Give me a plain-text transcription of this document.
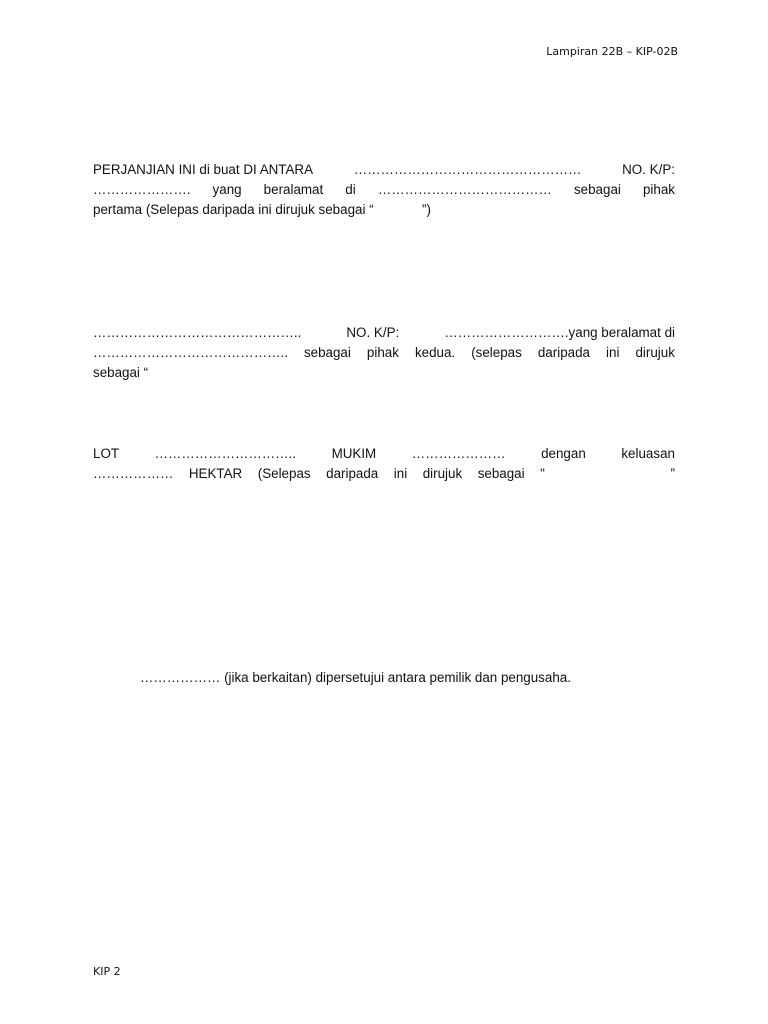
Lampiran 22B – KIP-02B
PERJANJIAN INI di buat DI ANTARA	……………………………………………	NO. K/P:
…………………. yang beralamat di ………………………………… sebagai pihak
pertama (Selepas daripada ini dirujuk sebagai “             ”)
………………………………………..	NO. K/P:	……………………….yang beralamat di
…………………………………….. sebagai pihak kedua. (selepas daripada ini dirujuk
sebagai “
LOT	…………………………..	MUKIM	…………………	dengan	keluasan
……………… HEKTAR (Selepas daripada ini dirujuk sebagai "	”
……………… (jika berkaitan) dipersetujui antara pemilik dan pengusaha.
KIP 2
